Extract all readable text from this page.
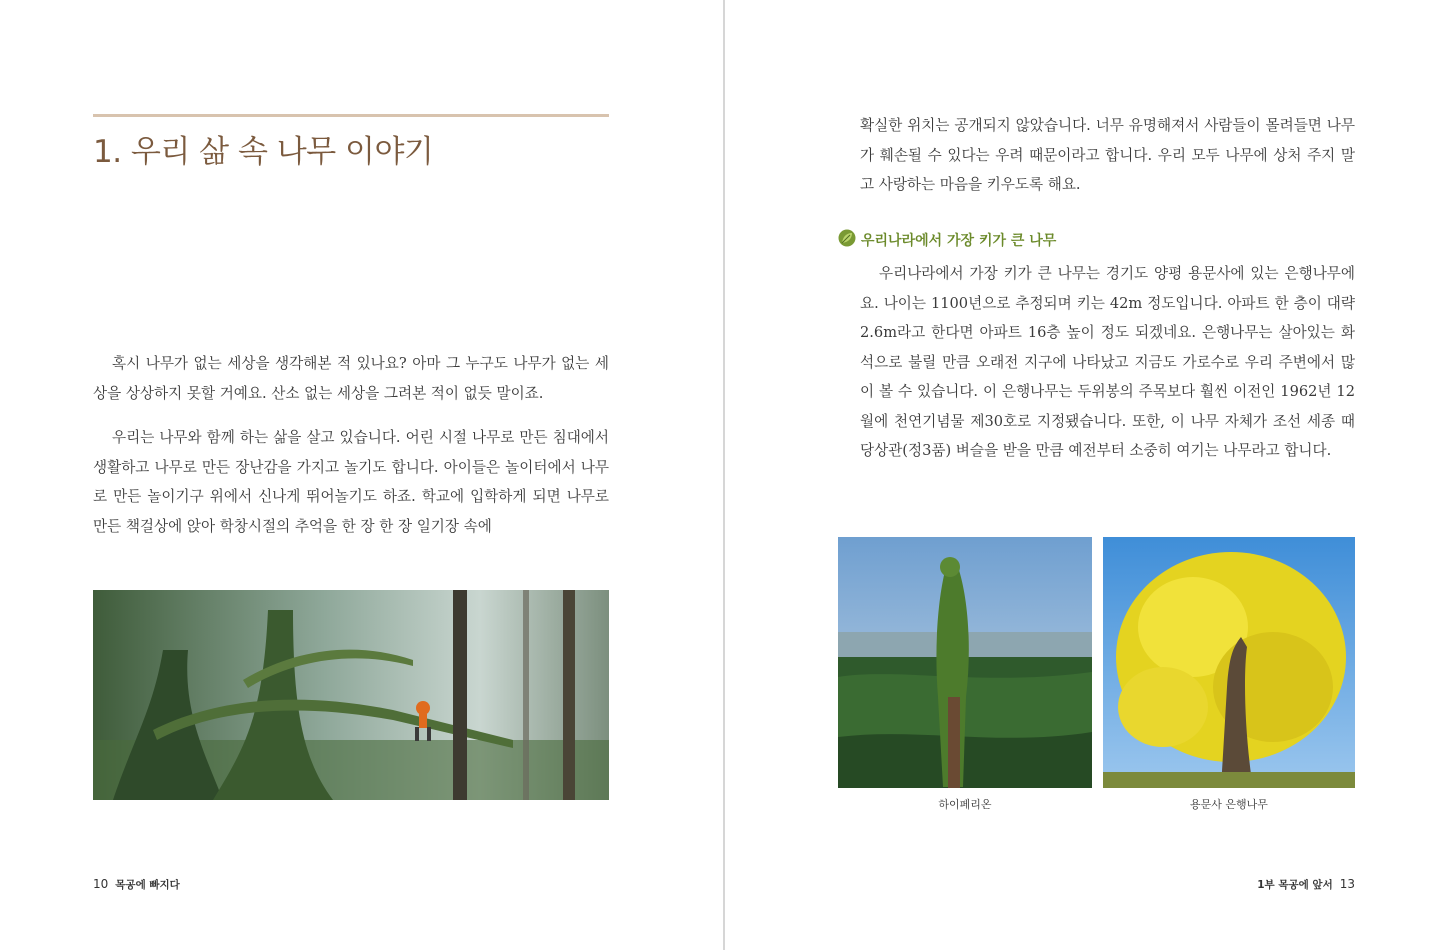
1. 우리 삶 속 나무 이야기

혹시 나무가 없는 세상을 생각해본 적 있나요? 아마 그 누구도 나무가 없는 세상을 상상하지 못할 거예요. 산소 없는 세상을 그려본 적이 없듯 말이죠.

우리는 나무와 함께 하는 삶을 살고 있습니다. 어린 시절 나무로 만든 침대에서 생활하고 나무로 만든 장난감을 가지고 놀기도 합니다. 아이들은 놀이터에서 나무로 만든 놀이기구 위에서 신나게 뛰어놀기도 하죠. 학교에 입학하게 되면 나무로 만든 책걸상에 앉아 학창시절의 추억을 한 장 한 장 일기장 속에

10 목공에 빠지다

확실한 위치는 공개되지 않았습니다. 너무 유명해져서 사람들이 몰려들면 나무가 훼손될 수 있다는 우려 때문이라고 합니다. 우리 모두 나무에 상처 주지 말고 사랑하는 마음을 키우도록 해요.

우리나라에서 가장 키가 큰 나무

우리나라에서 가장 키가 큰 나무는 경기도 양평 용문사에 있는 은행나무에요. 나이는 1100년으로 추정되며 키는 42m 정도입니다. 아파트 한 층이 대략 2.6m라고 한다면 아파트 16층 높이 정도 되겠네요. 은행나무는 살아있는 화석으로 불릴 만큼 오래전 지구에 나타났고 지금도 가로수로 우리 주변에서 많이 볼 수 있습니다. 이 은행나무는 두위봉의 주목보다 훨씬 이전인 1962년 12월에 천연기념물 제30호로 지정됐습니다. 또한, 이 나무 자체가 조선 세종 때 당상관(정3품) 벼슬을 받을 만큼 예전부터 소중히 여기는 나무라고 합니다.

하이페리온	용문사 은행나무
1부 목공에 앞서 13
